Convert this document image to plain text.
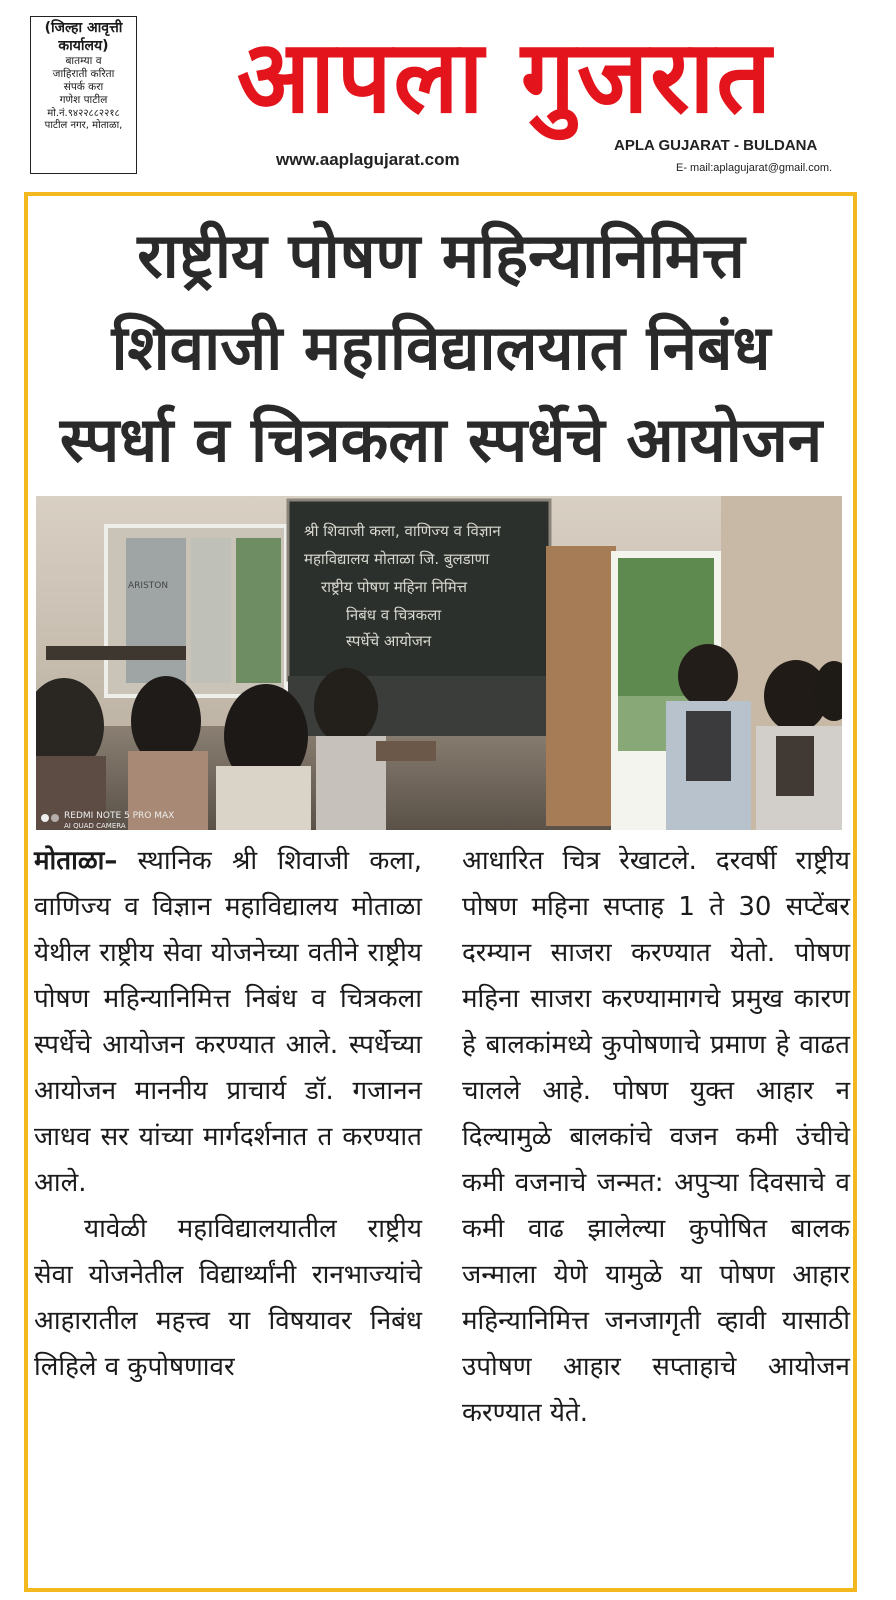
(जिल्हा आवृत्ती कार्यालय)
बातम्या व
जाहिराती करिता
संपर्क करा
गणेश पाटील
मो.नं.९४२२८८२२१८
पाटील नगर, मोताळा,	आपला गुजरात
www.aaplagujarat.com
APLA GUJARAT - BULDANA
E- mail:aplagujarat@gmail.com.
राष्ट्रीय पोषण महिन्यानिमित्त
शिवाजी महाविद्यालयात निबंध
स्पर्धा व चित्रकला स्पर्धेचे आयोजन
ARISTON
श्री शिवाजी कला, वाणिज्य व विज्ञान
महाविद्यालय मोताळा जि. बुलडाणा
राष्ट्रीय पोषण महिना निमित्त
निबंध व चित्रकला
स्पर्धेचे आयोजन
REDMI NOTE 5 PRO MAX
AI QUAD CAMERA

मोताळा– स्थानिक श्री शिवाजी कला, वाणिज्य व विज्ञान महाविद्यालय मोताळा येथील राष्ट्रीय सेवा योजनेच्या वतीने राष्ट्रीय पोषण महिन्यानिमित्त निबंध व चित्रकला स्पर्धेचे आयोजन करण्यात आले. स्पर्धेच्या आयोजन माननीय प्राचार्य डॉ. गजानन जाधव सर यांच्या मार्गदर्शनात त करण्यात आले.

यावेळी महाविद्यालयातील राष्ट्रीय सेवा योजनेतील विद्यार्थ्यांनी रानभाज्यांचे आहारातील महत्त्व या विषयावर निबंध लिहिले व कुपोषणावर

आधारित चित्र रेखाटले. दरवर्षी राष्ट्रीय पोषण महिना सप्ताह 1 ते 30 सप्टेंबर दरम्यान साजरा करण्यात येतो. पोषण महिना साजरा करण्यामागचे प्रमुख कारण हे बालकांमध्ये कुपोषणाचे प्रमाण हे वाढत चालले आहे. पोषण युक्त आहार न दिल्यामुळे बालकांचे वजन कमी उंचीचे कमी वजनाचे जन्मत: अपुऱ्या दिवसाचे व कमी वाढ झालेल्या कुपोषित बालक जन्माला येणे यामुळे या पोषण आहार महिन्यानिमित्त जनजागृती व्हावी यासाठी उपोषण आहार सप्ताहाचे आयोजन करण्यात येते.
